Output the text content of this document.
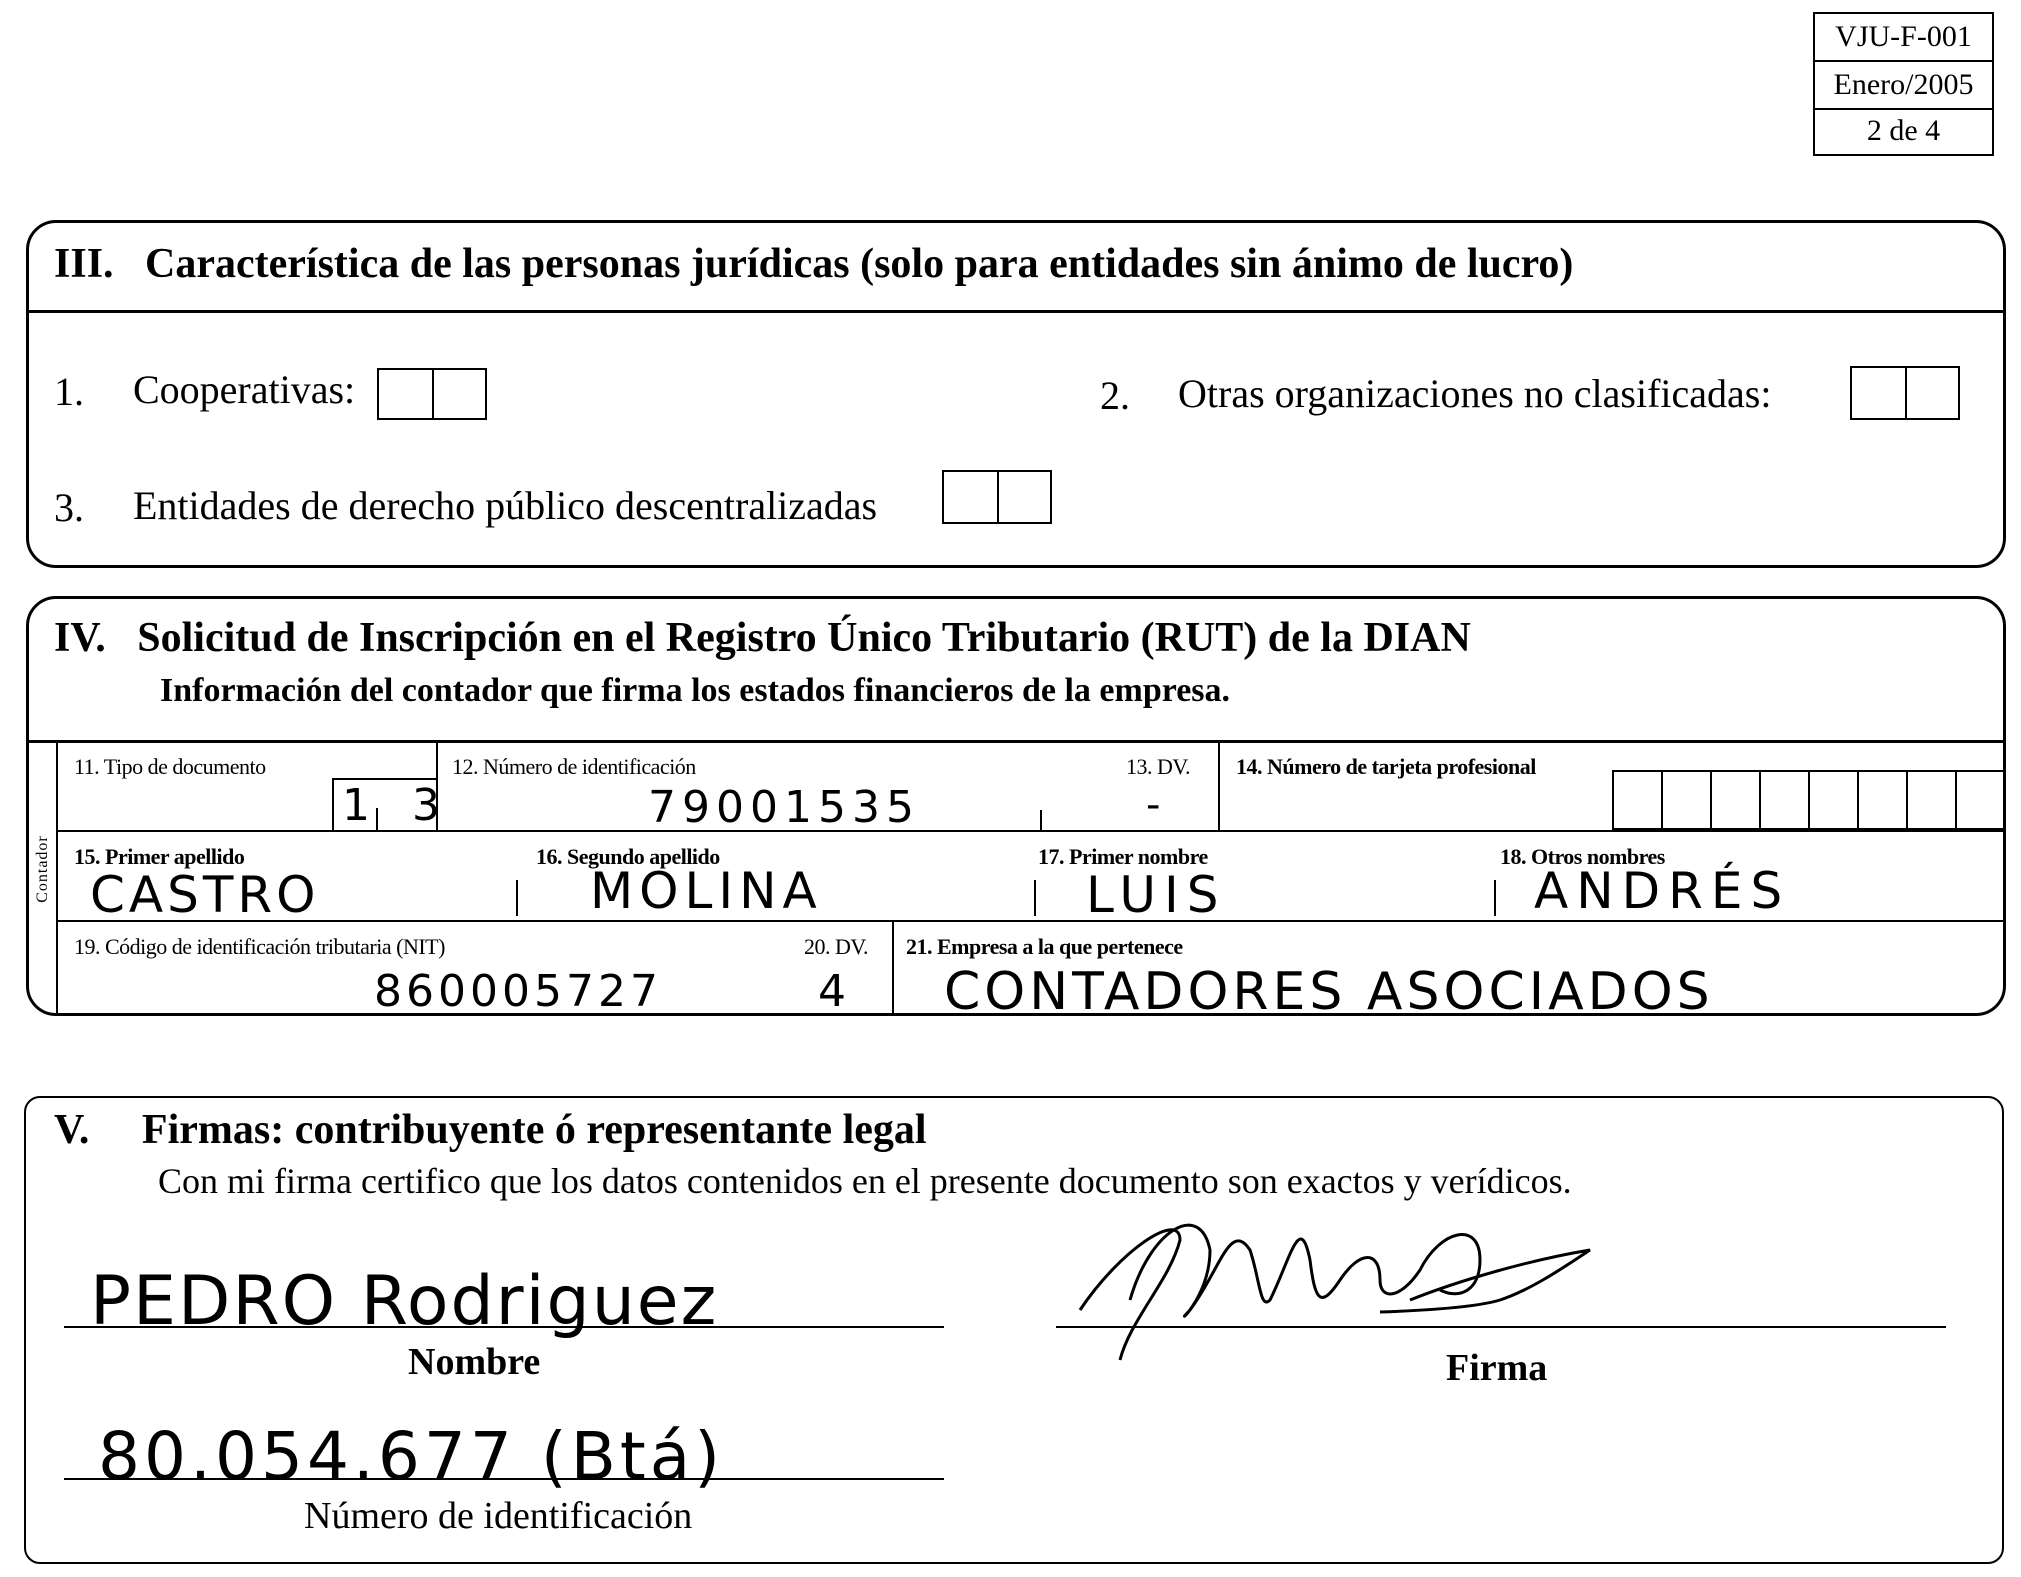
VJU-F-001
Enero/2005
2 de 4
III.   Característica de las personas jurídicas (solo para entidades sin ánimo de lucro)
1. Cooperativas:	2. Otras organizaciones no clasificadas:
3. Entidades de derecho público descentralizadas
IV.   Solicitud de Inscripción en el Registro Único Tributario (RUT) de la DIAN
Información del contador que firma los estados financieros de la empresa.
Contador
11. Tipo de documento
1 3
12. Número de identificación
79001535
13. DV.
-
14. Número de tarjeta profesional
15. Primer apellido
CASTRO
16. Segundo apellido
MOLINA
17. Primer nombre
LUIS
18. Otros nombres
ANDRÉS
19. Código de identificación tributaria (NIT)
860005727
20. DV.
4
21. Empresa a la que pertenece
CONTADORES ASOCIADOS
V.     Firmas: contribuyente ó representante legal
Con mi firma certifico que los datos contenidos en el presente documento son exactos y verídicos.
PEDRO Rodriguez
Nombre	Firma
80.054.677 (Btá)
Número de identificación
